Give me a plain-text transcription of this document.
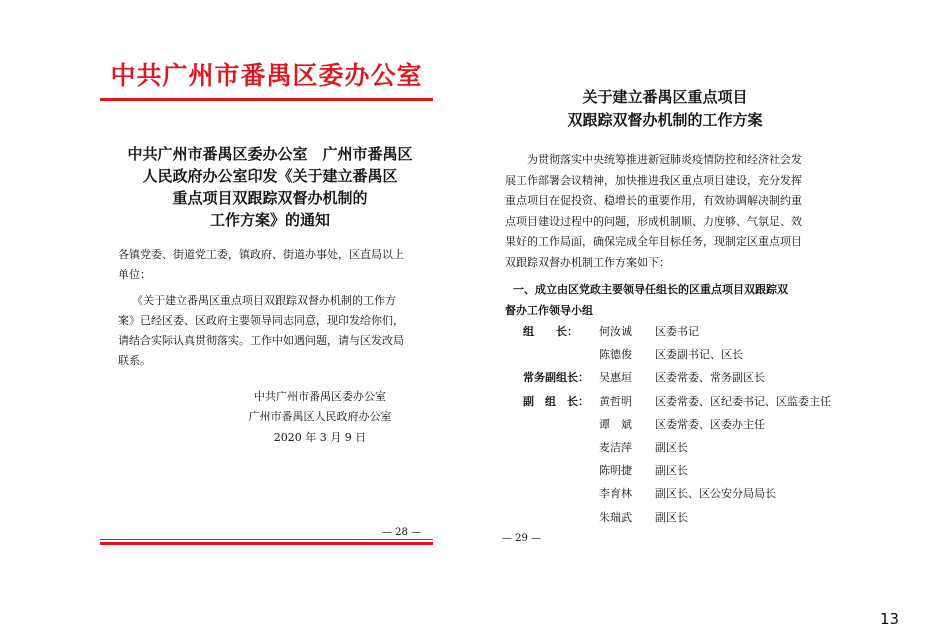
中共广州市番禺区委办公室
中共广州市番禺区委办公室　广州市番禺区
人民政府办公室印发《关于建立番禺区
重点项目双跟踪双督办机制的
工作方案》的通知
各镇党委、街道党工委，镇政府、街道办事处，区直局以上
单位：
《关于建立番禺区重点项目双跟踪双督办机制的工作方
案》已经区委、区政府主要领导同志同意，现印发给你们，
请结合实际认真贯彻落实。工作中如遇问题，请与区发改局
联系。
中共广州市番禺区委办公室
广州市番禺区人民政府办公室
2020 年 3 月 9 日
— 28 —
关于建立番禺区重点项目
双跟踪双督办机制的工作方案
为贯彻落实中央统筹推进新冠肺炎疫情防控和经济社会发
展工作部署会议精神，加快推进我区重点项目建设，充分发挥
重点项目在促投资、稳增长的重要作用，有效协调解决制约重
点项目建设过程中的问题，形成机制顺、力度够、气氛足、效
果好的工作局面，确保完成全年目标任务，现制定区重点项目
双跟踪双督办机制工作方案如下：
一、成立由区党政主要领导任组长的区重点项目双跟踪双
督办工作领导小组
组　　长：	何汝诚	区委书记
陈德俊	区委副书记、区长
常务副组长： 吴惠垣	区委常委、常务副区长
副　组　长： 黄哲明	区委常委、区纪委书记、区监委主任
谭　斌	区委常委、区委办主任
麦洁萍	副区长
陈明捷	副区长
李育林	副区长、区公安分局局长
朱瑞武	副区长
— 29 —
13
